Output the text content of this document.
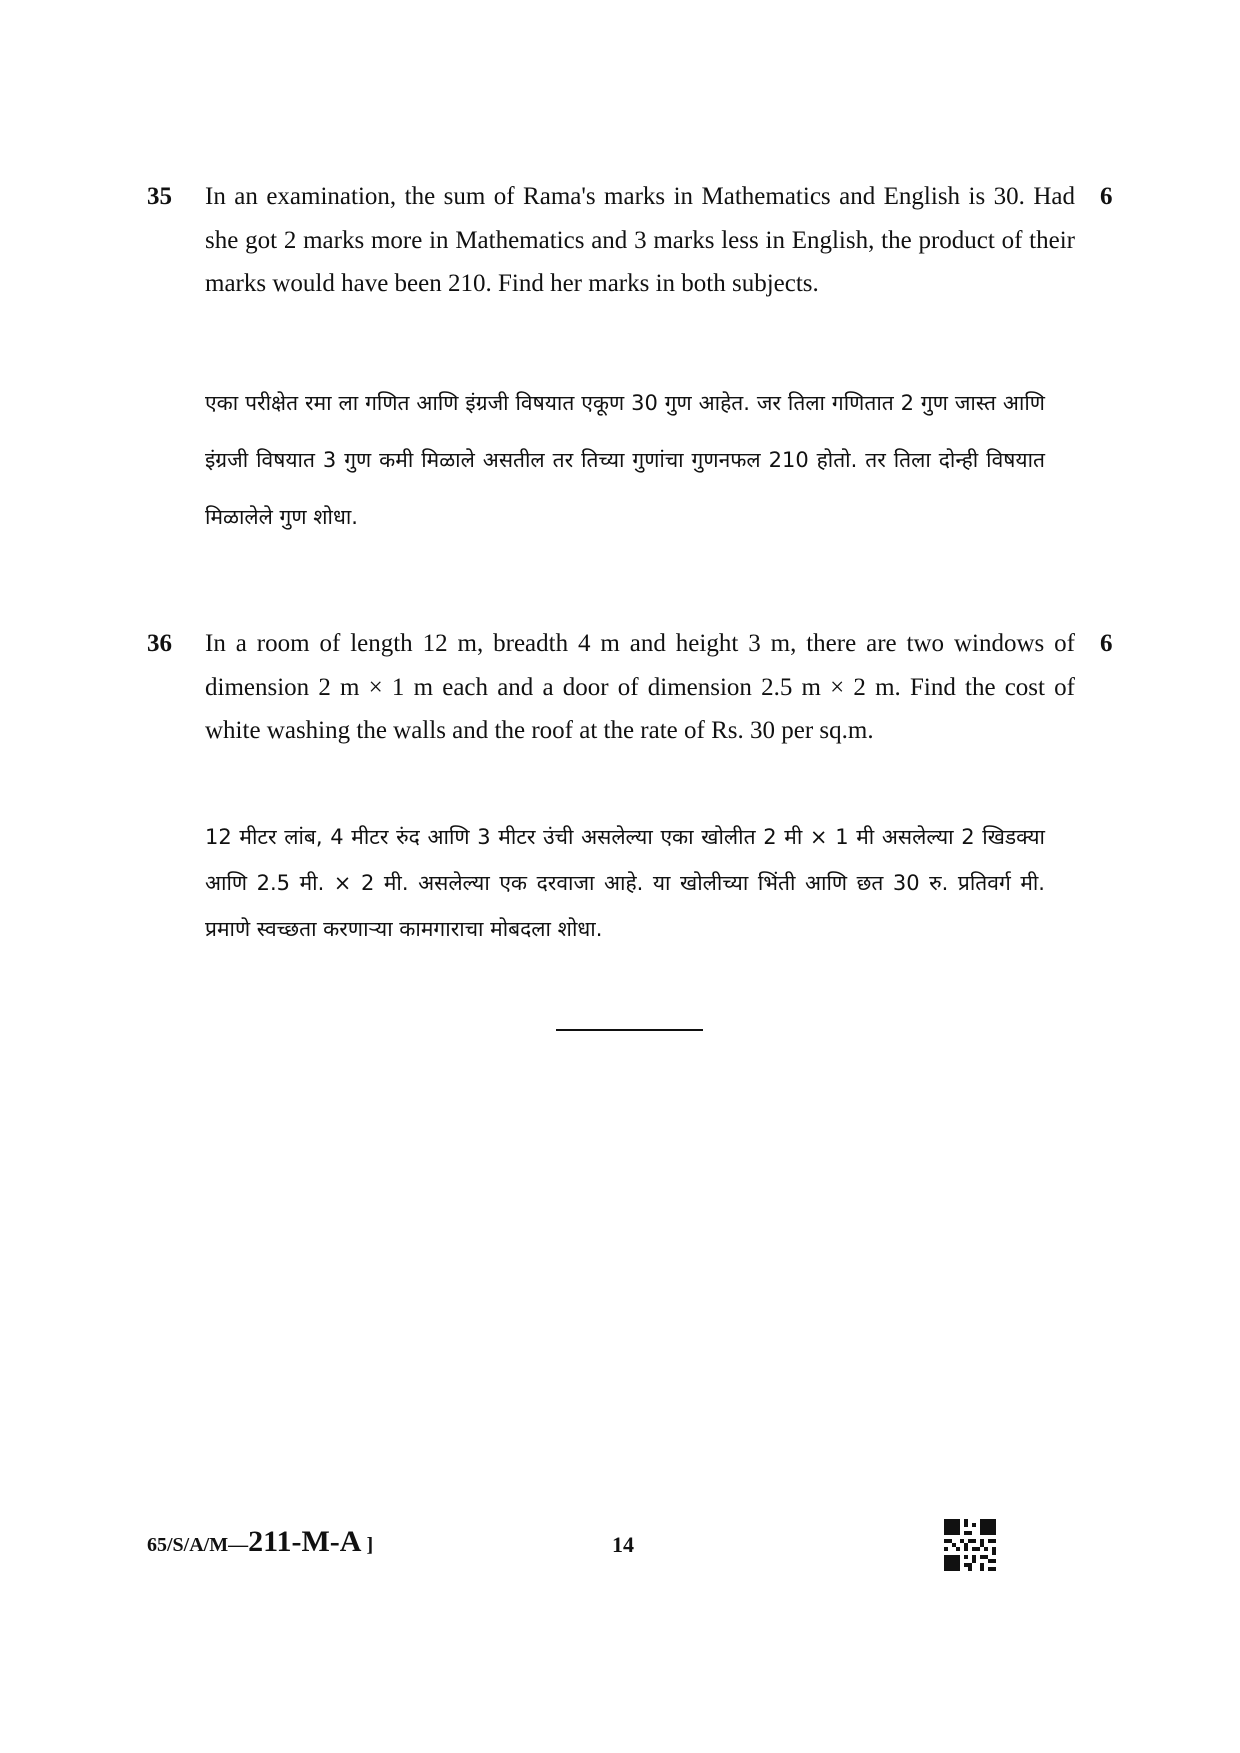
35 In an examination, the sum of Rama's marks in Mathematics and English is 30. Had she got 2 marks more in Mathematics and 3 marks less in English, the product of their marks would have been 210. Find her marks in both subjects.
6
एका परीक्षेत रमा ला गणित आणि इंग्रजी विषयात एकूण 30 गुण आहेत. जर तिला गणितात 2 गुण जास्त आणि इंग्रजी विषयात 3 गुण कमी मिळाले असतील तर तिच्या गुणांचा गुणनफल 210 होतो. तर तिला दोन्ही विषयात मिळालेले गुण शोधा.
36 In a room of length 12 m, breadth 4 m and height 3 m, there are two windows of dimension 2 m × 1 m each and a door of dimension 2.5 m × 2 m. Find the cost of white washing the walls and the roof at the rate of Rs. 30 per sq.m.
6
12 मीटर लांब, 4 मीटर रुंद आणि 3 मीटर उंची असलेल्या एका खोलीत 2 मी × 1 मी असलेल्या 2 खिडक्या आणि 2.5 मी. × 2 मी. असलेल्या एक दरवाजा आहे. या खोलीच्या भिंती आणि छत 30 रु. प्रतिवर्ग मी. प्रमाणे स्वच्छता करणाऱ्या कामगाराचा मोबदला शोधा.
65/S/A/M—211-M-A ]	14
